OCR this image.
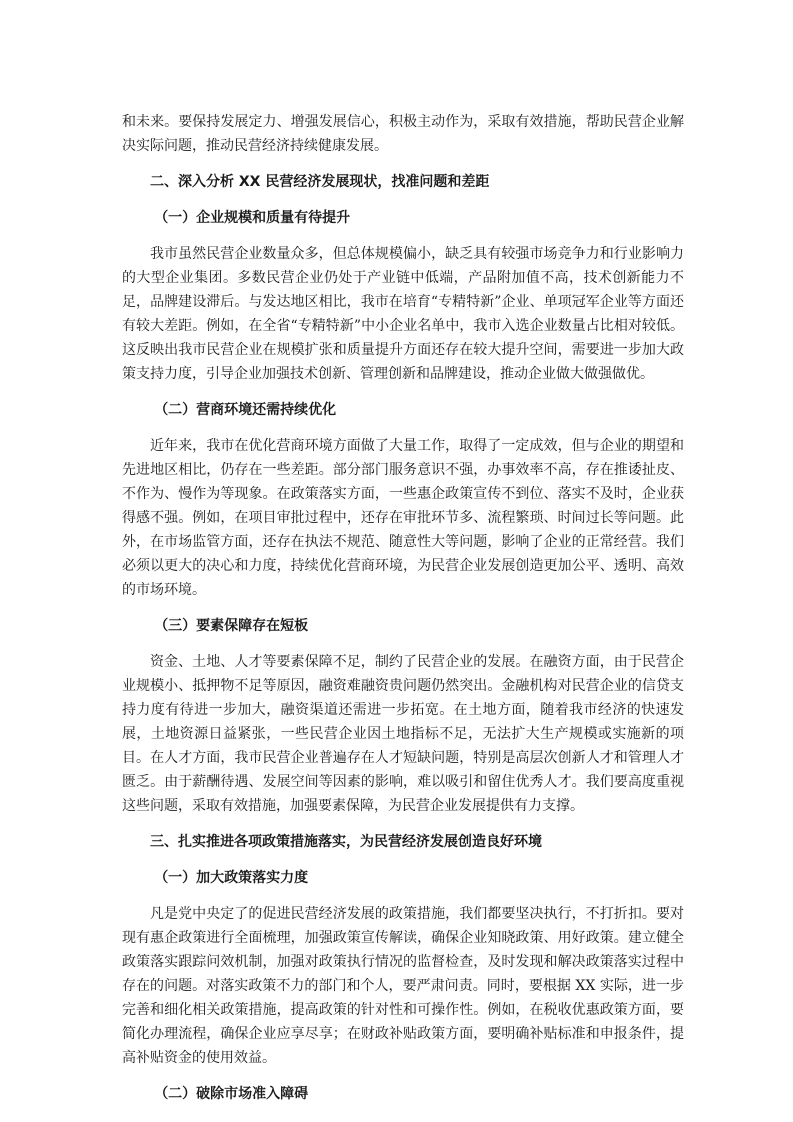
和未来。要保持发展定力、增强发展信心，积极主动作为，采取有效措施，帮助民营企业解决实际问题，推动民营经济持续健康发展。

二、深入分析 XX 民营经济发展现状，找准问题和差距
（一）企业规模和质量有待提升

我市虽然民营企业数量众多，但总体规模偏小，缺乏具有较强市场竞争力和行业影响力的大型企业集团。多数民营企业仍处于产业链中低端，产品附加值不高，技术创新能力不足，品牌建设滞后。与发达地区相比，我市在培育“专精特新”企业、单项冠军企业等方面还有较大差距。例如，在全省“专精特新”中小企业名单中，我市入选企业数量占比相对较低。这反映出我市民营企业在规模扩张和质量提升方面还存在较大提升空间，需要进一步加大政策支持力度，引导企业加强技术创新、管理创新和品牌建设，推动企业做大做强做优。

（二）营商环境还需持续优化

近年来，我市在优化营商环境方面做了大量工作，取得了一定成效，但与企业的期望和先进地区相比，仍存在一些差距。部分部门服务意识不强，办事效率不高，存在推诿扯皮、不作为、慢作为等现象。在政策落实方面，一些惠企政策宣传不到位、落实不及时，企业获得感不强。例如，在项目审批过程中，还存在审批环节多、流程繁琐、时间过长等问题。此外，在市场监管方面，还存在执法不规范、随意性大等问题，影响了企业的正常经营。我们必须以更大的决心和力度，持续优化营商环境，为民营企业发展创造更加公平、透明、高效的市场环境。

（三）要素保障存在短板

资金、土地、人才等要素保障不足，制约了民营企业的发展。在融资方面，由于民营企业规模小、抵押物不足等原因，融资难融资贵问题仍然突出。金融机构对民营企业的信贷支持力度有待进一步加大，融资渠道还需进一步拓宽。在土地方面，随着我市经济的快速发展，土地资源日益紧张，一些民营企业因土地指标不足，无法扩大生产规模或实施新的项目。在人才方面，我市民营企业普遍存在人才短缺问题，特别是高层次创新人才和管理人才匮乏。由于薪酬待遇、发展空间等因素的影响，难以吸引和留住优秀人才。我们要高度重视这些问题，采取有效措施，加强要素保障，为民营企业发展提供有力支撑。

三、扎实推进各项政策措施落实，为民营经济发展创造良好环境
（一）加大政策落实力度

凡是党中央定了的促进民营经济发展的政策措施，我们都要坚决执行，不打折扣。要对现有惠企政策进行全面梳理，加强政策宣传解读，确保企业知晓政策、用好政策。建立健全政策落实跟踪问效机制，加强对政策执行情况的监督检查，及时发现和解决政策落实过程中存在的问题。对落实政策不力的部门和个人，要严肃问责。同时，要根据 XX 实际，进一步完善和细化相关政策措施，提高政策的针对性和可操作性。例如，在税收优惠政策方面，要简化办理流程，确保企业应享尽享；在财政补贴政策方面，要明确补贴标准和申报条件，提高补贴资金的使用效益。

（二）破除市场准入障碍
